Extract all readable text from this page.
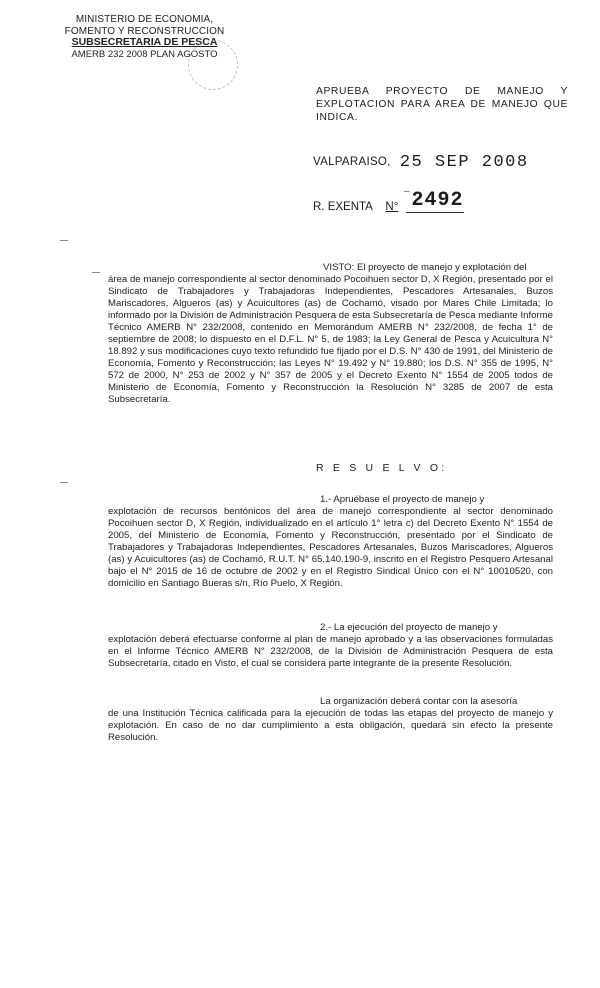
MINISTERIO DE ECONOMIA,
FOMENTO Y RECONSTRUCCION
SUBSECRETARIA DE PESCA
AMERB 232 2008 PLAN AGOSTO
APRUEBA PROYECTO DE MANEJO Y EXPLOTACION PARA AREA DE MANEJO QUE INDICA.
VALPARAISO, 25 SEP 2008
–
R. EXENTA N° 2492
VISTO: El proyecto de manejo y explotación del
área de manejo correspondiente al sector denominado Pocoihuen sector D, X Región, presentado por el Sindicato de Trabajadores y Trabajadoras Independientes, Pescadores Artesanales, Buzos Mariscadores, Algueros (as) y Acuicultores (as) de Cochamó, visado por Mares Chile Limitada; lo informado por la División de Administración Pesquera de esta Subsecretaría de Pesca mediante Informe Técnico AMERB N° 232/2008, contenido en Memorándum AMERB N° 232/2008, de fecha 1° de septiembre de 2008; lo dispuesto en el D.F.L. N° 5, de 1983; la Ley General de Pesca y Acuicultura N° 18.892 y sus modificaciones cuyo texto refundido fue fijado por el D.S. N° 430 de 1991, del Ministerio de Economía, Fomento y Reconstrucción; las Leyes N° 19.492 y N° 19.880; los D.S. N° 355 de 1995, N° 572 de 2000, N° 253 de 2002 y N° 357 de 2005 y el Decreto Exento N° 1554 de 2005 todos de Ministerio de Economía, Fomento y Reconstrucción la Resolución N° 3285 de 2007 de esta Subsecretaría.
R E S U E L V O:
1.- Apruébase el proyecto de manejo y
explotación de recursos bentónicos del área de manejo correspondiente al sector denominado Pocoihuen sector D, X Región, individualizado en el artículo 1° letra c) del Decreto Exento N° 1554 de 2005, del Ministerio de Economía, Fomento y Reconstrucción, presentado por el Sindicato de Trabajadores y Trabajadoras Independientes, Pescadores Artesanales, Buzos Mariscadores, Algueros (as) y Acuicultores (as) de Cochamó, R.U.T. N° 65.140.190-9, inscrito en el Registro Pesquero Artesanal bajo el N° 2015 de 16 de octubre de 2002 y en el Registro Sindical Único con el N° 10010520, con domicilio en Santiago Bueras s/n, Río Puelo, X Región.
2.- La ejecución del proyecto de manejo y
explotación deberá efectuarse conforme al plan de manejo aprobado y a las observaciones formuladas en el Informe Técnico AMERB N° 232/2008, de la División de Administración Pesquera de esta Subsecretaría, citado en Visto, el cual se considera parte integrante de la presente Resolución.
La organización deberá contar con la asesoría
de una Institución Técnica calificada para la ejecución de todas las etapas del proyecto de manejo y explotación. En caso de no dar cumplimiento a esta obligación, quedará sin efecto la presente Resolución.
